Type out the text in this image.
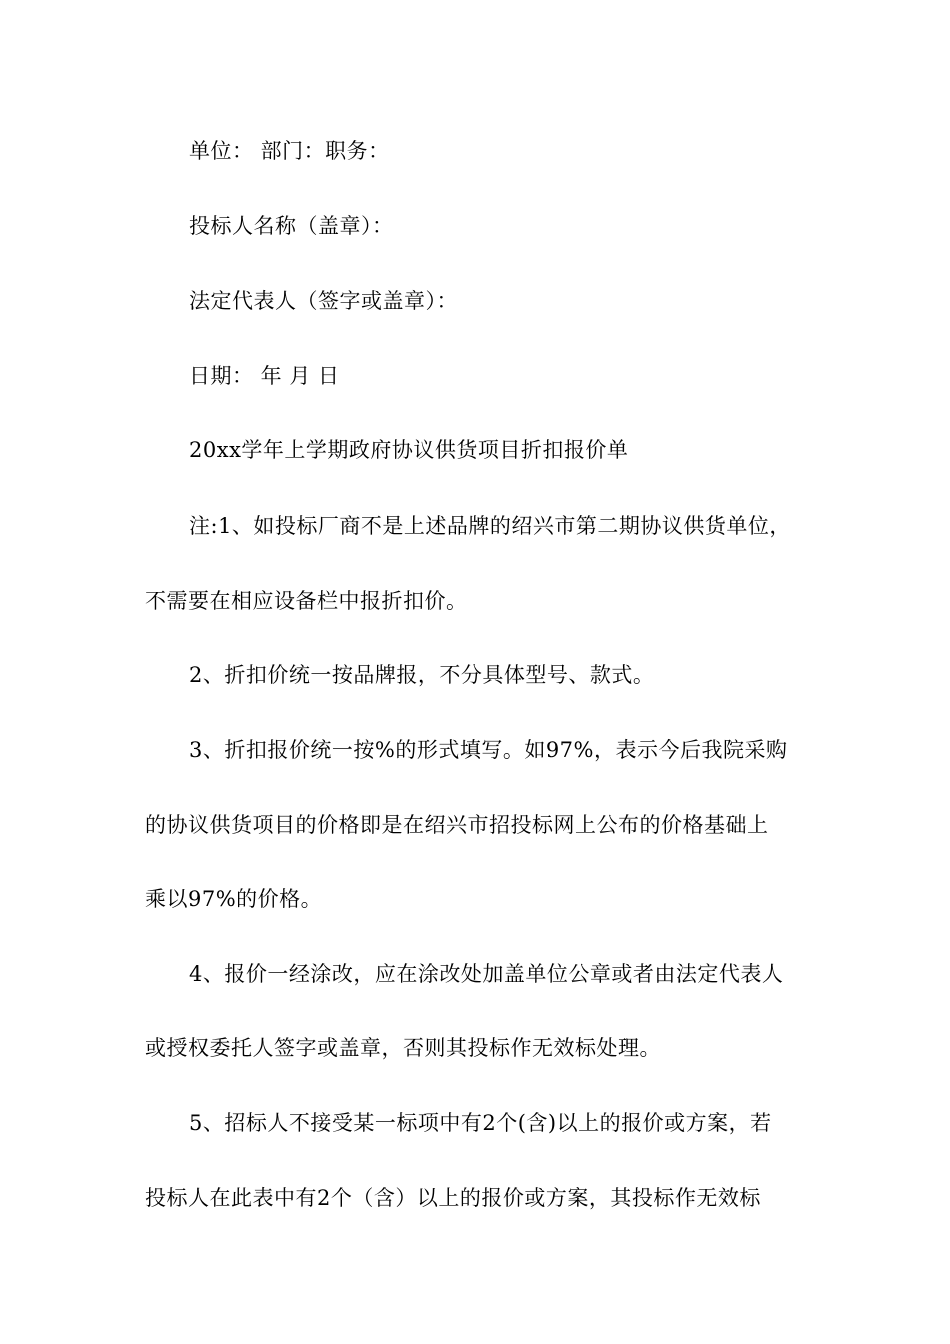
单位： 部门：职务：
投标人名称（盖章）：
法定代表人（签字或盖章）：
日期： 年 月 日
20xx学年上学期政府协议供货项目折扣报价单
注:1、如投标厂商不是上述品牌的绍兴市第二期协议供货单位，
不需要在相应设备栏中报折扣价。
2、折扣价统一按品牌报，不分具体型号、款式。
3、折扣报价统一按%的形式填写。如97%，表示今后我院采购
的协议供货项目的价格即是在绍兴市招投标网上公布的价格基础上
乘以97%的价格。
4、报价一经涂改，应在涂改处加盖单位公章或者由法定代表人
或授权委托人签字或盖章，否则其投标作无效标处理。
5、招标人不接受某一标项中有2个(含)以上的报价或方案，若
投标人在此表中有2个（含）以上的报价或方案，其投标作无效标
